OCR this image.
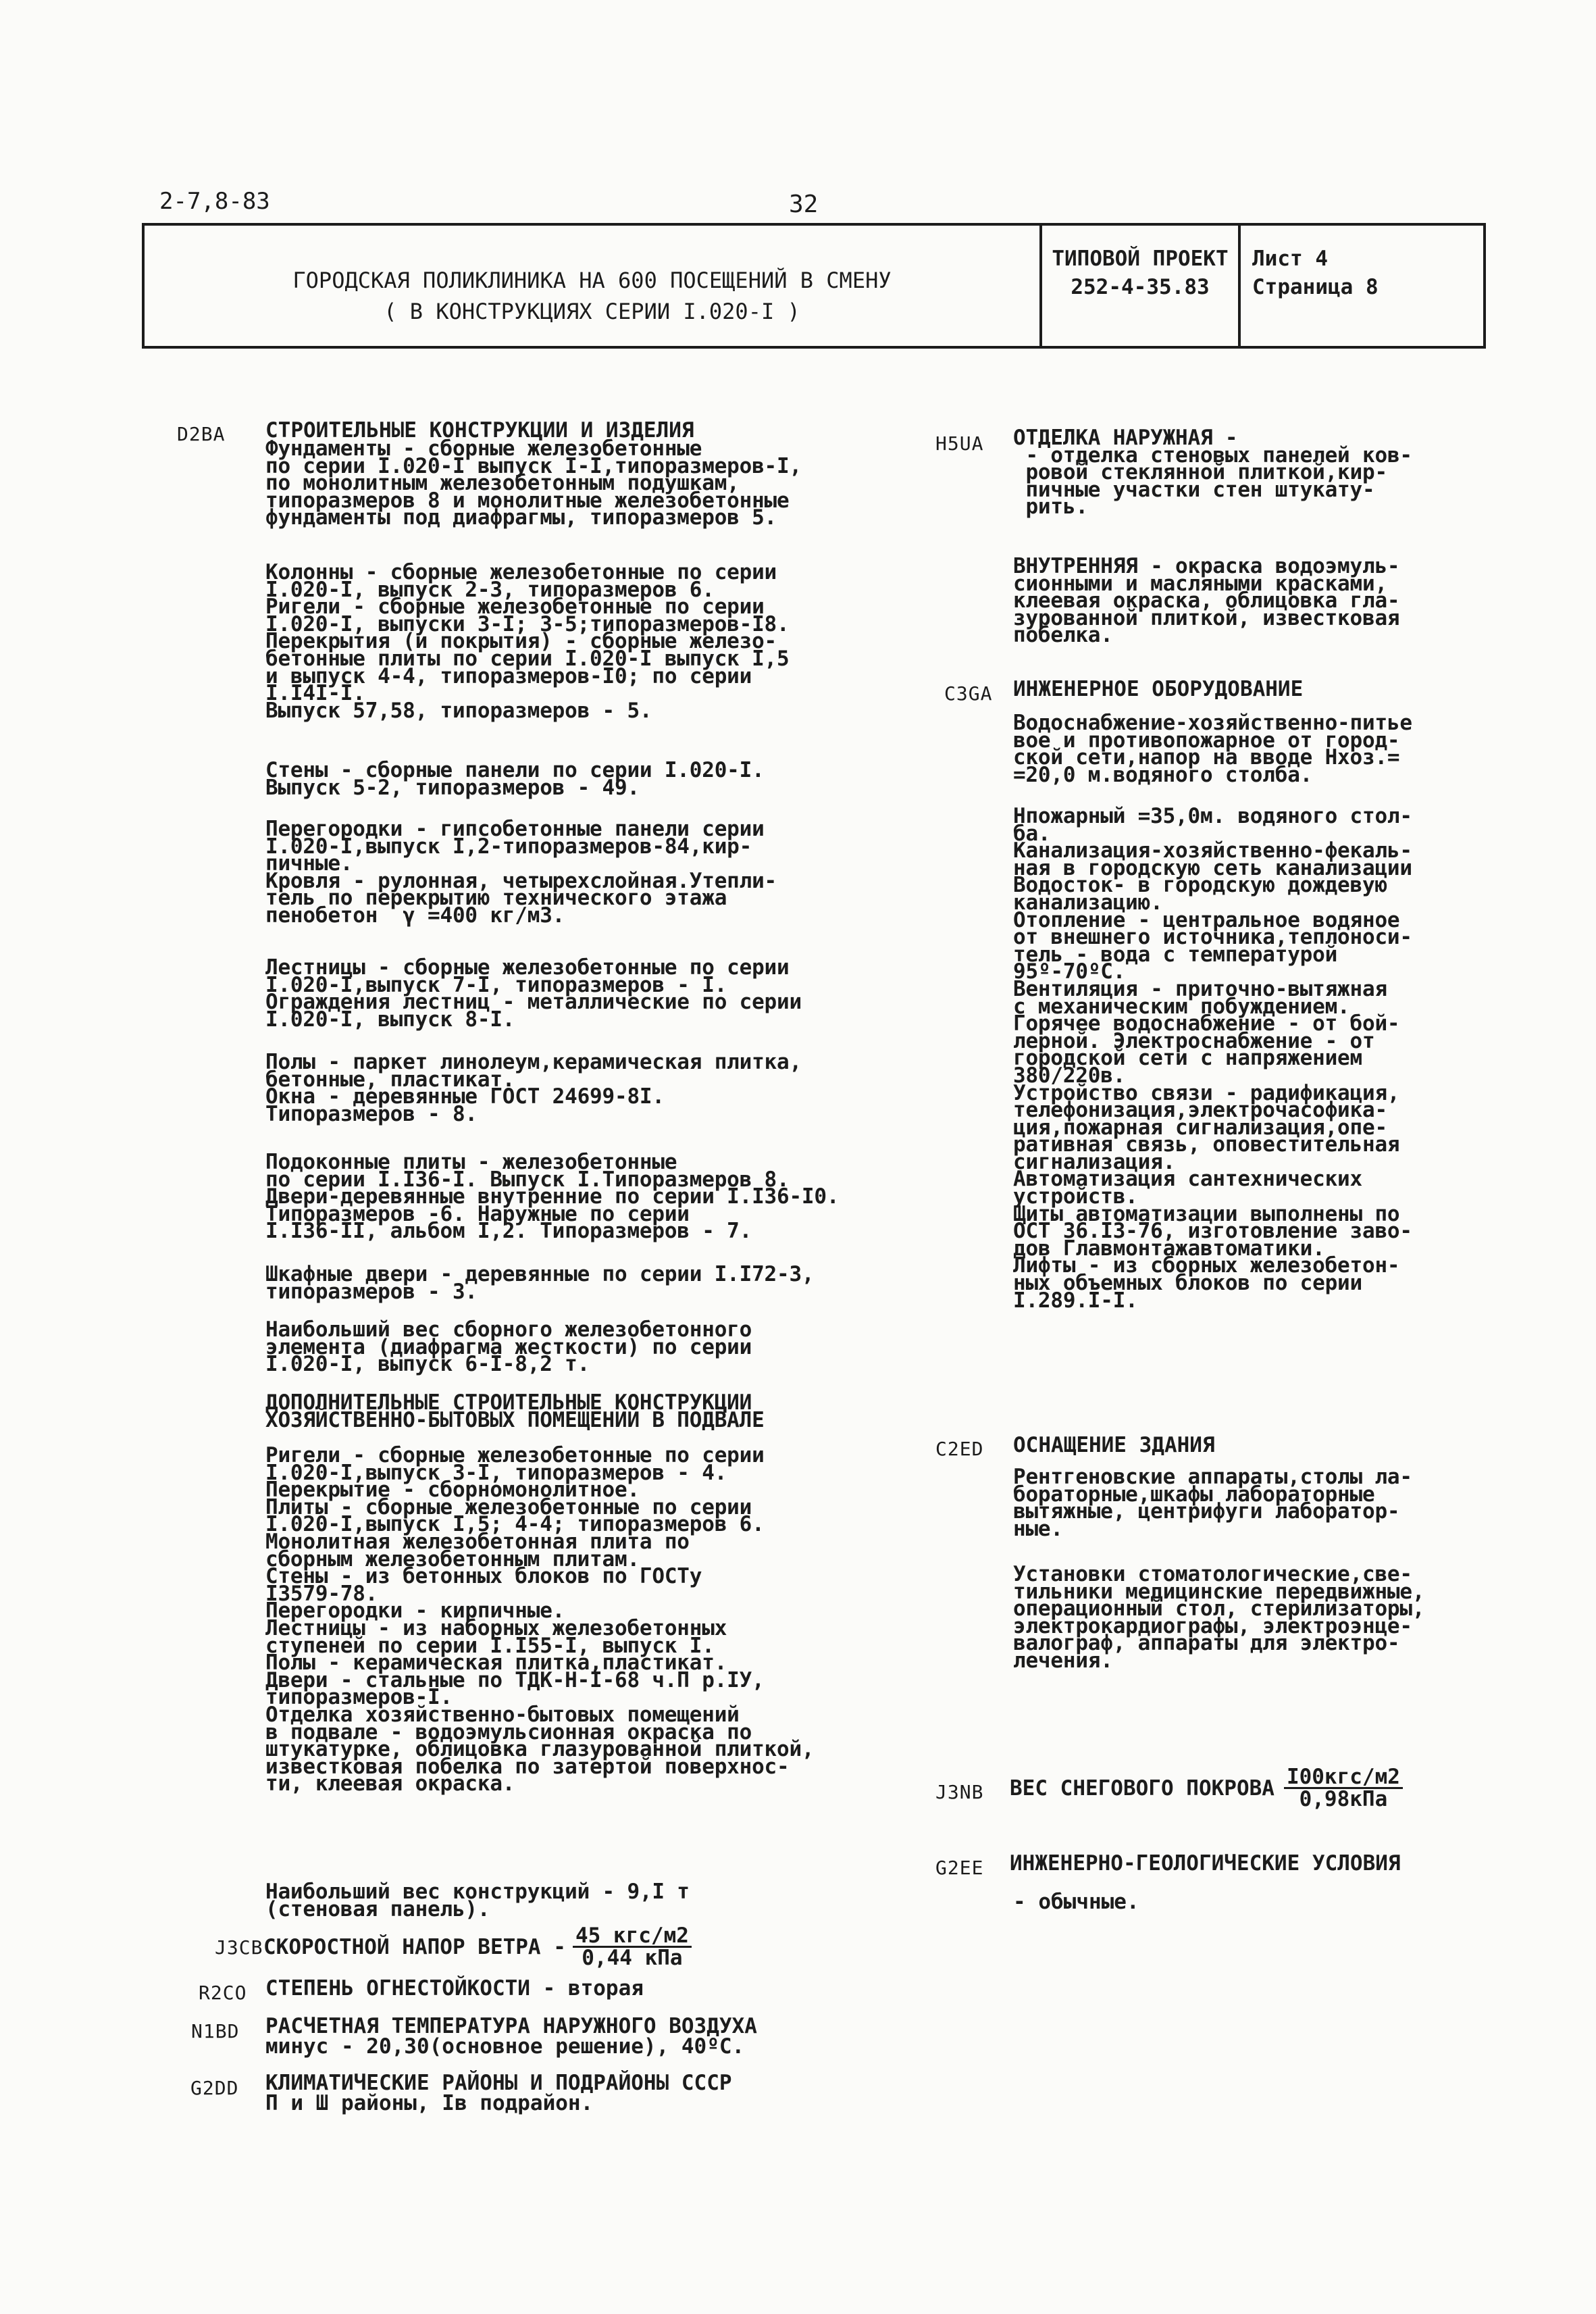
2-7,8-83	32
ГОРОДСКАЯ ПОЛИКЛИНИКА НА 600 ПОСЕЩЕНИЙ В СМЕНУ
( В КОНСТРУКЦИЯХ СЕРИИ I.020-I )
ТИПОВОЙ ПРОЕКТ
252-4-35.83
Лист 4
Страница 8
D2BA СТРОИТЕЛЬНЫЕ КОНСТРУКЦИИ И ИЗДЕЛИЯ
Фундаменты - сборные железобетонные
по серии I.020-I выпуск I-I,типоразмеров-I,
по монолитным железобетонным подушкам,
типоразмеров 8 и монолитные железобетонные
фундаменты под диафрагмы, типоразмеров 5.
Колонны - сборные железобетонные по серии
I.020-I, выпуск 2-3, типоразмеров 6.
Ригели - сборные железобетонные по серии
I.020-I, выпуски 3-I; 3-5;типоразмеров-I8.
Перекрытия (и покрытия) - сборные железо-
бетонные плиты по серии I.020-I выпуск I,5
и выпуск 4-4, типоразмеров-I0; по серии
I.I4I-I.
Выпуск 57,58, типоразмеров - 5.
Стены - сборные панели по серии I.020-I.
Выпуск 5-2, типоразмеров - 49.
Перегородки - гипсобетонные панели серии
I.020-I,выпуск I,2-типоразмеров-84,кир-
пичные.
Кровля - рулонная, четырехслойная.Утепли-
тель по перекрытию технического этажа
пенобетон  γ =400 кг/м3.
Лестницы - сборные железобетонные по серии
I.020-I,выпуск 7-I, типоразмеров - I.
Ограждения лестниц - металлические по серии
I.020-I, выпуск 8-I.
Полы - паркет линолеум,керамическая плитка,
бетонные, пластикат.
Окна - деревянные ГОСТ 24699-8I.
Типоразмеров - 8.
Подоконные плиты - железобетонные
по серии I.I36-I. Выпуск I.Типоразмеров 8.
Двери-деревянные внутренние по серии I.I36-I0.
Типоразмеров -6. Наружные по серии
I.I36-II, альбом I,2. Типоразмеров - 7.
Шкафные двери - деревянные по серии I.I72-3,
типоразмеров - 3.
Наибольший вес сборного железобетонного
элемента (диафрагма жесткости) по серии
I.020-I, выпуск 6-I-8,2 т.
ДОПОЛНИТЕЛЬНЫЕ СТРОИТЕЛЬНЫЕ КОНСТРУКЦИИ
ХОЗЯЙСТВЕННО-БЫТОВЫХ ПОМЕЩЕНИЙ В ПОДВАЛЕ
Ригели - сборные железобетонные по серии
I.020-I,выпуск 3-I, типоразмеров - 4.
Перекрытие - сборномонолитное.
Плиты - сборные железобетонные по серии
I.020-I,выпуск I,5; 4-4; типоразмеров 6.
Монолитная железобетонная плита по
сборным железобетонным плитам.
Стены - из бетонных блоков по ГОСТу
I3579-78.
Перегородки - кирпичные.
Лестницы - из наборных железобетонных
ступеней по серии I.I55-I, выпуск I.
Полы - керамическая плитка,пластикат.
Двери - стальные по ТДК-Н-I-68 ч.П р.IУ,
типоразмеров-I.
Отделка хозяйственно-бытовых помещений
в подвале - водоэмульсионная окраска по
штукатурке, облицовка глазурованной плиткой,
известковая побелка по затертой поверхнос-
ти, клеевая окраска.
Наибольший вес конструкций - 9,I т
(стеновая панель).
J3CB СКОРОСТНОЙ НАПОР ВЕТРА - $\frac{\text{45 кгс/м2}}{\text{0,44 кПа}}$
R2CO СТЕПЕНЬ ОГНЕСТОЙКОСТИ - вторая
N1BD РАСЧЕТНАЯ ТЕМПЕРАТУРА НАРУЖНОГО ВОЗДУХА
минус - 20,30(основное решение), 40ºС.
G2DD КЛИМАТИЧЕСКИЕ РАЙОНЫ И ПОДРАЙОНЫ СССР
П и Ш районы, Iв подрайон.
H5UA ОТДЕЛКА НАРУЖНАЯ -
- отделка стеновых панелей ков-
ровой стеклянной плиткой,кир-
пичные участки стен штукату-
рить.
ВНУТРЕННЯЯ - окраска водоэмуль-
сионными и масляными красками,
клеевая окраска, облицовка гла-
зурованной плиткой, известковая
побелка.
C3GA ИНЖЕНЕРНОЕ ОБОРУДОВАНИЕ
Водоснабжение-хозяйственно-питье
вое и противопожарное от город-
ской сети,напор на вводе Нхоз.=
=20,0 м.водяного столба.
Нпожарный =35,0м. водяного стол-
ба.
Канализация-хозяйственно-фекаль-
ная в городскую сеть канализации
Водосток- в городскую дождевую
канализацию.
Отопление - центральное водяное
от внешнего источника,теплоноси-
тель - вода с температурой
95º-70ºС.
Вентиляция - приточно-вытяжная
с механическим побуждением.
Горячее водоснабжение - от бой-
лерной. Электроснабжение - от
городской сети с напряжением
380/220в.
Устройство связи - радификация,
телефонизация,электрочасофика-
ция,пожарная сигнализация,опе-
ративная связь, оповестительная
сигнализация.
Автоматизация сантехнических
устройств.
Щиты автоматизации выполнены по
ОСТ 36.I3-76, изготовление заво-
дов Главмонтажавтоматики.
Лифты - из сборных железобетон-
ных объемных блоков по серии
I.289.I-I.
C2ED ОСНАЩЕНИЕ ЗДАНИЯ
Рентгеновские аппараты,столы ла-
бораторные,шкафы лабораторные
вытяжные, центрифуги лаборатор-
ные.
Установки стоматологические,све-
тильники медицинские передвижные,
операционный стол, стерилизаторы,
электрокардиографы, электроэнце-
валограф, аппараты для электро-
лечения.
J3NB ВЕС СНЕГОВОГО ПОКРОВА $\frac{\text{I00кгс/м2}}{\text{0,98кПа}}$
G2EE ИНЖЕНЕРНО-ГЕОЛОГИЧЕСКИЕ УСЛОВИЯ
- обычные.
